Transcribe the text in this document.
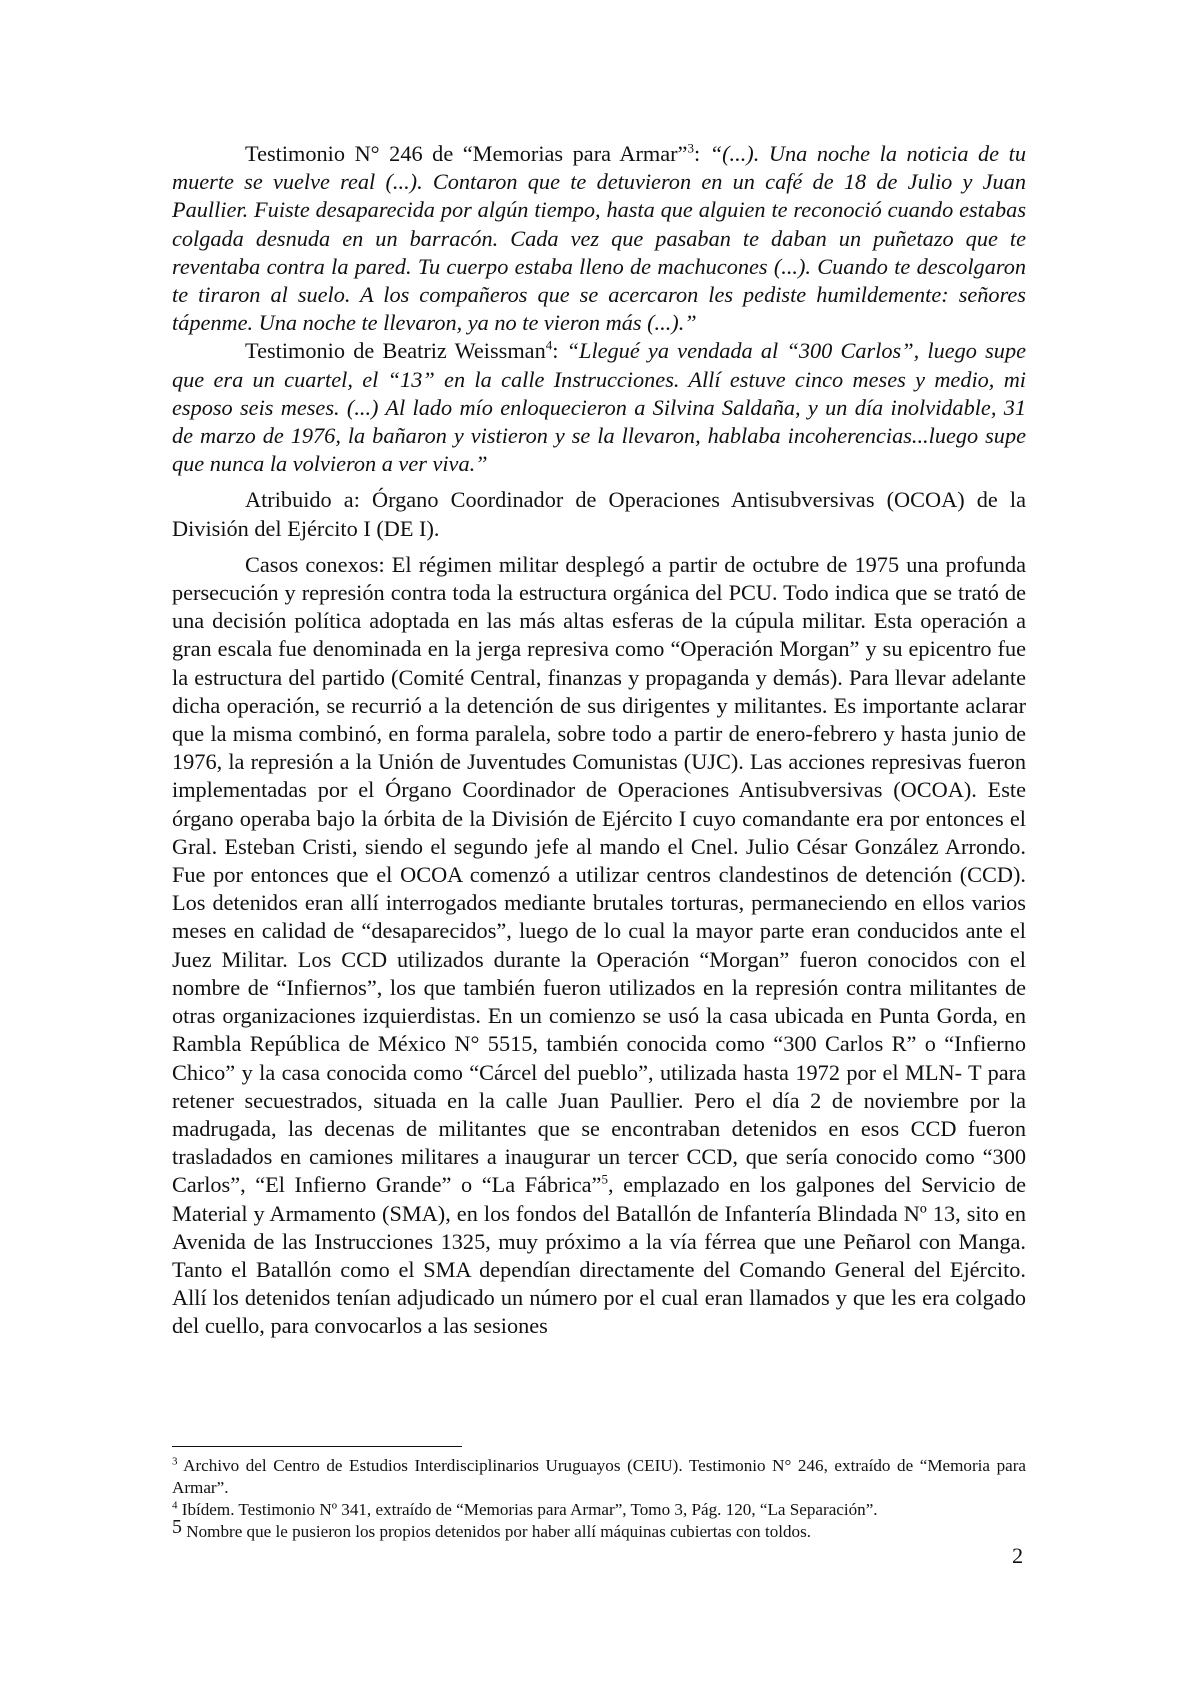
Testimonio N° 246 de “Memorias para Armar”$^3$: “(...). Una noche la noticia de tu muerte se vuelve real (...). Contaron que te detuvieron en un café de 18 de Julio y Juan Paullier. Fuiste desaparecida por algún tiempo, hasta que alguien te reconoció cuando estabas colgada desnuda en un barracón. Cada vez que pasaban te daban un puñetazo que te reventaba contra la pared. Tu cuerpo estaba lleno de machucones (...). Cuando te descolgaron te tiraron al suelo. A los compañeros que se acercaron les pediste humildemente: señores tápenme. Una noche te llevaron, ya no te vieron más (...).”

Testimonio de Beatriz Weissman$^4$: “Llegué ya vendada al “300 Carlos”, luego supe que era un cuartel, el “13” en la calle Instrucciones. Allí estuve cinco meses y medio, mi esposo seis meses. (...) Al lado mío enloquecieron a Silvina Saldaña, y un día inolvidable, 31 de marzo de 1976, la bañaron y vistieron y se la llevaron, hablaba incoherencias...luego supe que nunca la volvieron a ver viva.”

Atribuido a: Órgano Coordinador de Operaciones Antisubversivas (OCOA) de la División del Ejército I (DE I).

Casos conexos: El régimen militar desplegó a partir de octubre de 1975 una profunda persecución y represión contra toda la estructura orgánica del PCU. Todo indica que se trató de una decisión política adoptada en las más altas esferas de la cúpula militar. Esta operación a gran escala fue denominada en la jerga represiva como “Operación Morgan” y su epicentro fue la estructura del partido (Comité Central, finanzas y propaganda y demás). Para llevar adelante dicha operación, se recurrió a la detención de sus dirigentes y militantes. Es importante aclarar que la misma combinó, en forma paralela, sobre todo a partir de enero-febrero y hasta junio de 1976, la represión a la Unión de Juventudes Comunistas (UJC). Las acciones represivas fueron implementadas por el Órgano Coordinador de Operaciones Antisubversivas (OCOA). Este órgano operaba bajo la órbita de la División de Ejército I cuyo comandante era por entonces el Gral. Esteban Cristi, siendo el segundo jefe al mando el Cnel. Julio César González Arrondo. Fue por entonces que el OCOA comenzó a utilizar centros clandestinos de detención (CCD). Los detenidos eran allí interrogados mediante brutales torturas, permaneciendo en ellos varios meses en calidad de “desaparecidos”, luego de lo cual la mayor parte eran conducidos ante el Juez Militar. Los CCD utilizados durante la Operación “Morgan” fueron conocidos con el nombre de “Infiernos”, los que también fueron utilizados en la represión contra militantes de otras organizaciones izquierdistas. En un comienzo se usó la casa ubicada en Punta Gorda, en Rambla República de México N° 5515, también conocida como “300 Carlos R” o “Infierno Chico” y la casa conocida como “Cárcel del pueblo”, utilizada hasta 1972 por el MLN- T para retener secuestrados, situada en la calle Juan Paullier. Pero el día 2 de noviembre por la madrugada, las decenas de militantes que se encontraban detenidos en esos CCD fueron trasladados en camiones militares a inaugurar un tercer CCD, que sería conocido como “300 Carlos”, “El Infierno Grande” o “La Fábrica”$^5$, emplazado en los galpones del Servicio de Material y Armamento (SMA), en los fondos del Batallón de Infantería Blindada Nº 13, sito en Avenida de las Instrucciones 1325, muy próximo a la vía férrea que une Peñarol con Manga. Tanto el Batallón como el SMA dependían directamente del Comando General del Ejército. Allí los detenidos tenían adjudicado un número por el cual eran llamados y que les era colgado del cuello, para convocarlos a las sesiones

$^3$ Archivo del Centro de Estudios Interdisciplinarios Uruguayos (CEIU). Testimonio N° 246, extraído de “Memoria para Armar”.

$^4$ Ibídem. Testimonio Nº 341, extraído de “Memorias para Armar”, Tomo 3, Pág. 120, “La Separación”.

5 Nombre que le pusieron los propios detenidos por haber allí máquinas cubiertas con toldos.

2
